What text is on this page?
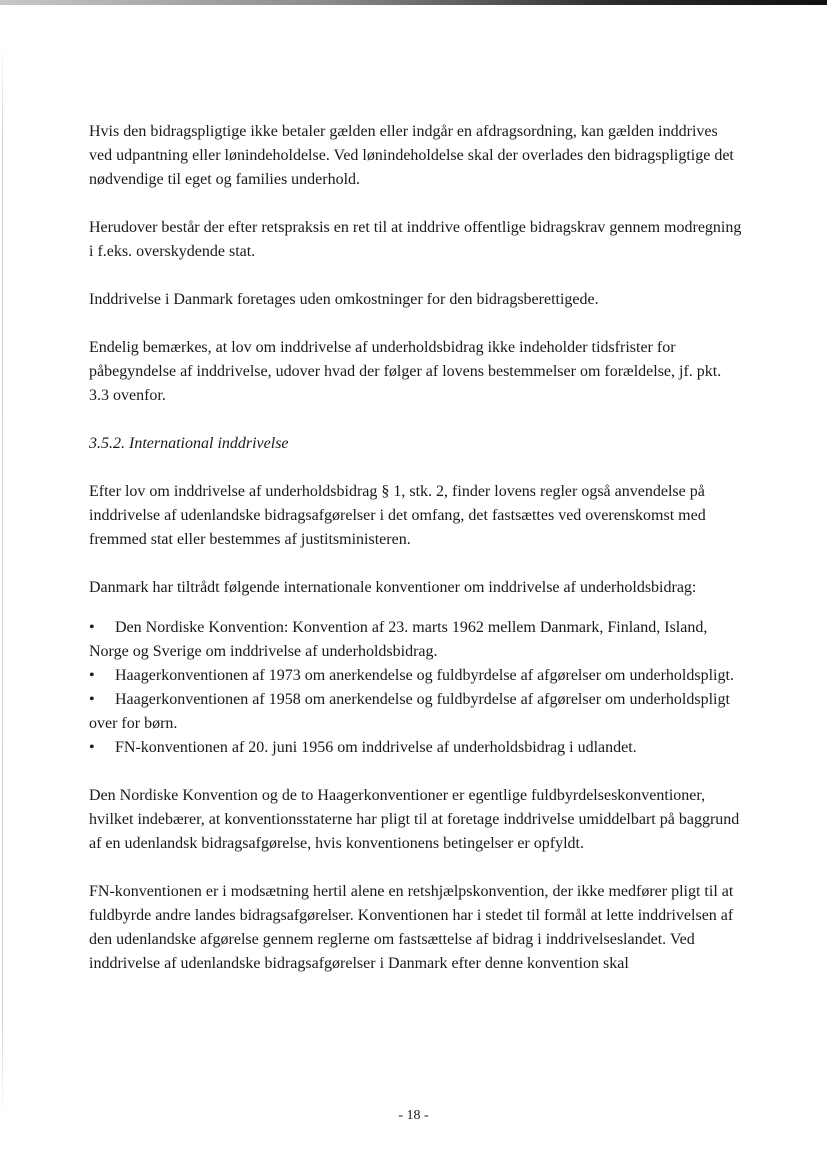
Hvis den bidragspligtige ikke betaler gælden eller indgår en afdragsordning, kan gælden inddrives ved udpantning eller lønindeholdelse. Ved lønindeholdelse skal der overlades den bidragspligtige det nødvendige til eget og families underhold.

Herudover består der efter retspraksis en ret til at inddrive offentlige bidragskrav gennem modregning i f.eks. overskydende stat.

Inddrivelse i Danmark foretages uden omkostninger for den bidragsberettigede.

Endelig bemærkes, at lov om inddrivelse af underholdsbidrag ikke indeholder tidsfrister for påbegyndelse af inddrivelse, udover hvad der følger af lovens bestemmelser om forældelse, jf. pkt. 3.3 ovenfor.

3.5.2. International inddrivelse

Efter lov om inddrivelse af underholdsbidrag § 1, stk. 2, finder lovens regler også anvendelse på inddrivelse af udenlandske bidragsafgørelser i det omfang, det fastsættes ved overenskomst med fremmed stat eller bestemmes af justitsministeren.

Danmark har tiltrådt følgende internationale konventioner om inddrivelse af underholdsbidrag:

• Den Nordiske Konvention: Konvention af 23. marts 1962 mellem Danmark, Finland, Island, Norge og Sverige om inddrivelse af underholdsbidrag.
• Haagerkonventionen af 1973 om anerkendelse og fuldbyrdelse af afgørelser om underholdspligt.
• Haagerkonventionen af 1958 om anerkendelse og fuldbyrdelse af afgørelser om underholdspligt over for børn.
• FN-konventionen af 20. juni 1956 om inddrivelse af underholdsbidrag i udlandet.

Den Nordiske Konvention og de to Haagerkonventioner er egentlige fuldbyrdelseskonventioner, hvilket indebærer, at konventionsstaterne har pligt til at foretage inddrivelse umiddelbart på baggrund af en udenlandsk bidragsafgørelse, hvis konventionens betingelser er opfyldt.

FN-konventionen er i modsætning hertil alene en retshjælpskonvention, der ikke medfører pligt til at fuldbyrde andre landes bidragsafgørelser. Konventionen har i stedet til formål at lette inddrivelsen af den udenlandske afgørelse gennem reglerne om fastsættelse af bidrag i inddrivelseslandet. Ved inddrivelse af udenlandske bidragsafgørelser i Danmark efter denne konvention skal

- 18 -
